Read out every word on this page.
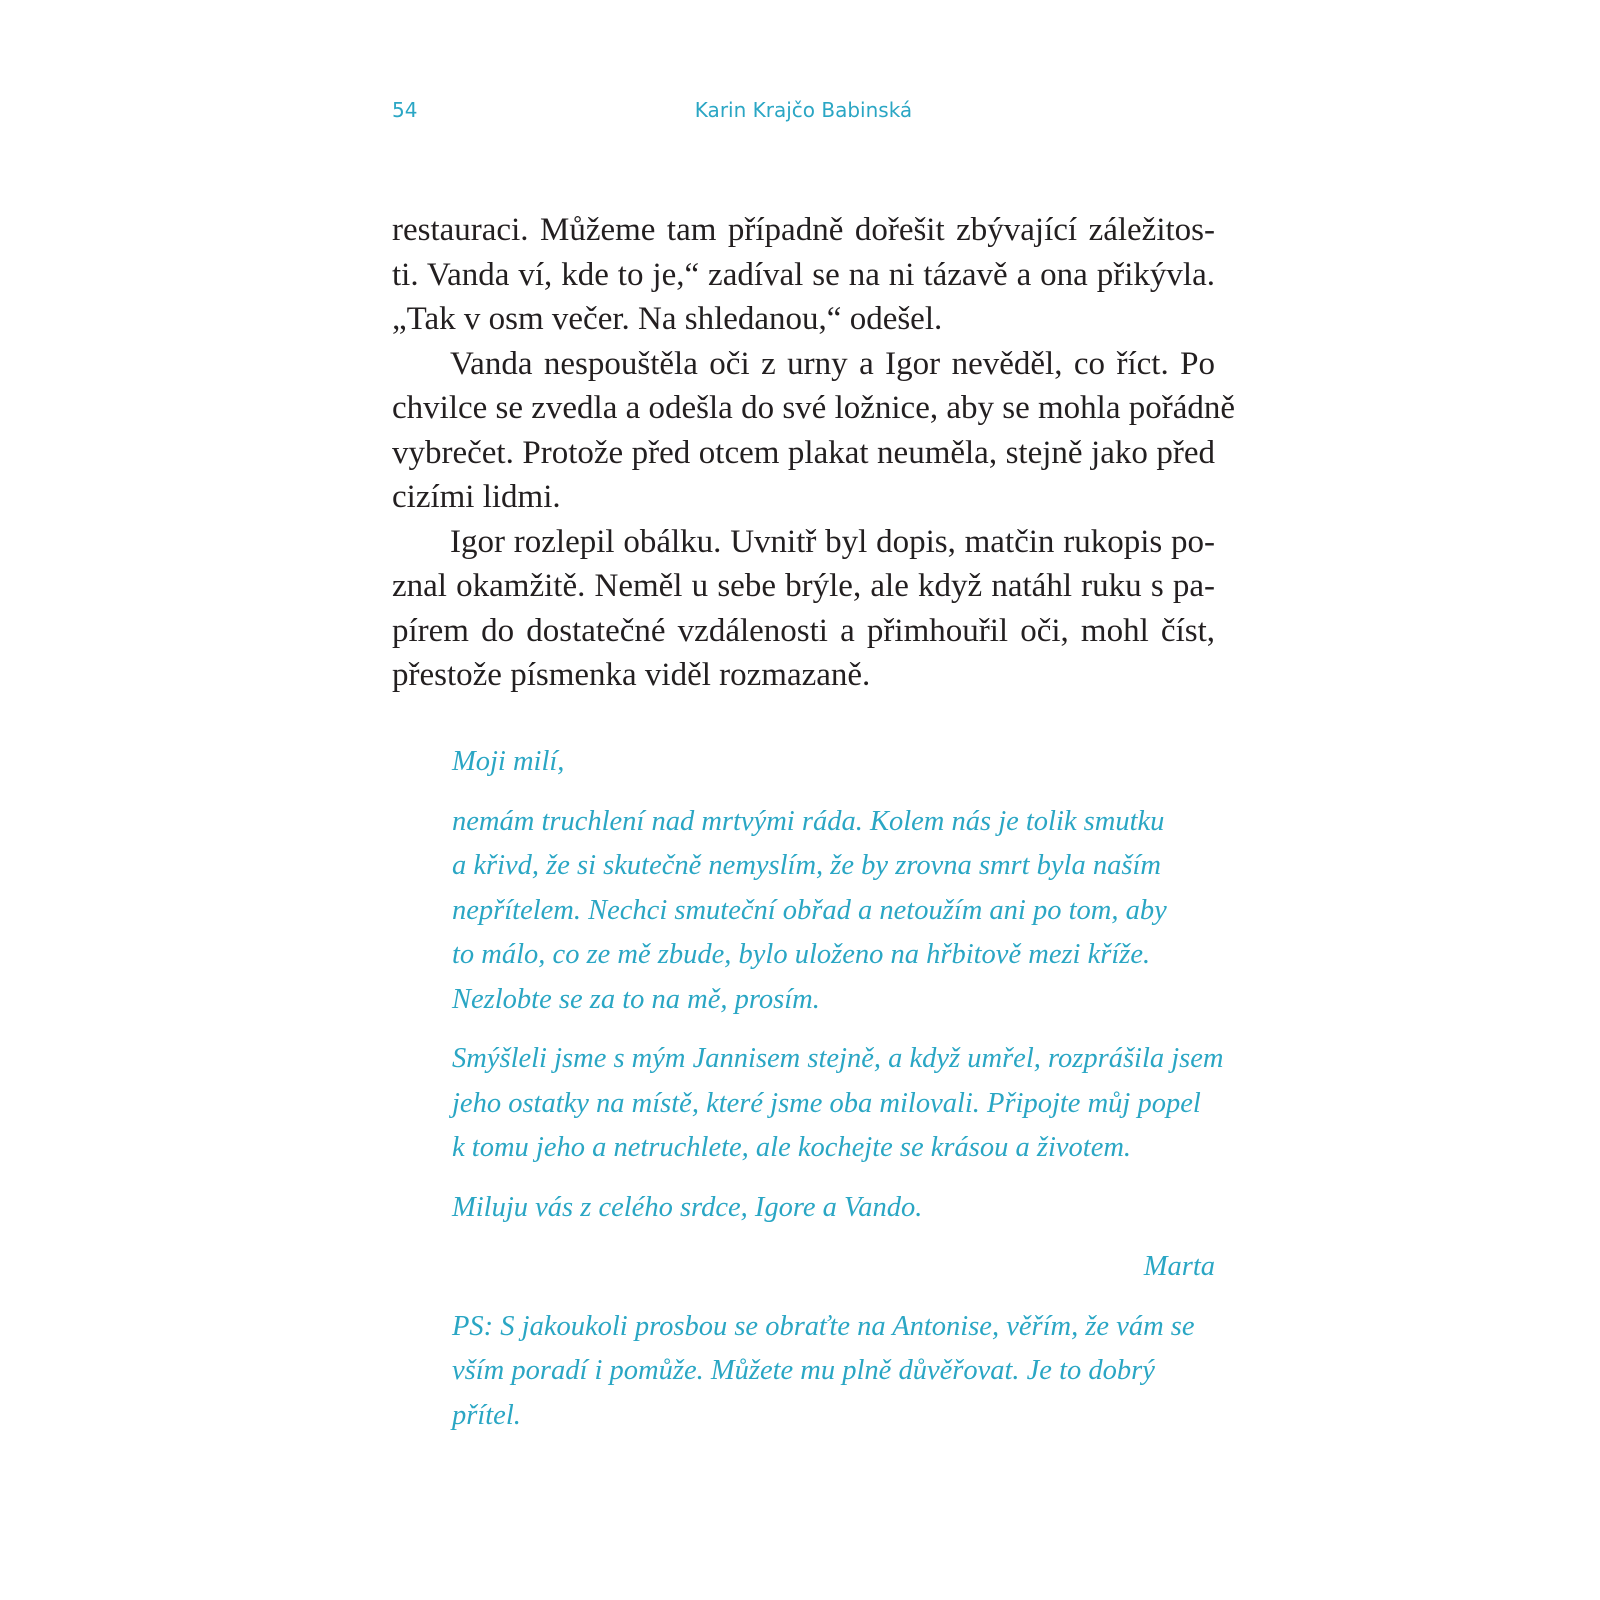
54	Karin Krajčo Babinská

restauraci. Můžeme tam případně dořešit zbývající záležitos-
ti. Vanda ví, kde to je,“ zadíval se na ni tázavě a ona přikývla.
„Tak v osm večer. Na shledanou,“ odešel.

Vanda nespouštěla oči z urny a Igor nevěděl, co říct. Po
chvilce se zvedla a odešla do své ložnice, aby se mohla pořádně
vybrečet. Protože před otcem plakat neuměla, stejně jako před
cizími lidmi.

Igor rozlepil obálku. Uvnitř byl dopis, matčin rukopis po-
znal okamžitě. Neměl u sebe brýle, ale když natáhl ruku s pa-
pírem do dostatečné vzdálenosti a přimhouřil oči, mohl číst,
přestože písmenka viděl rozmazaně.

Moji milí,

nemám truchlení nad mrtvými ráda. Kolem nás je tolik smutku
a křivd, že si skutečně nemyslím, že by zrovna smrt byla naším
nepřítelem. Nechci smuteční obřad a netoužím ani po tom, aby
to málo, co ze mě zbude, bylo uloženo na hřbitově mezi kříže.
Nezlobte se za to na mě, prosím.

Smýšleli jsme s mým Jannisem stejně, a když umřel, rozprášila jsem
jeho ostatky na místě, které jsme oba milovali. Připojte můj popel
k tomu jeho a netruchlete, ale kochejte se krásou a životem.

Miluju vás z celého srdce, Igore a Vando.

Marta

PS: S jakoukoli prosbou se obraťte na Antonise, věřím, že vám se
vším poradí i pomůže. Můžete mu plně důvěřovat. Je to dobrý
přítel.
